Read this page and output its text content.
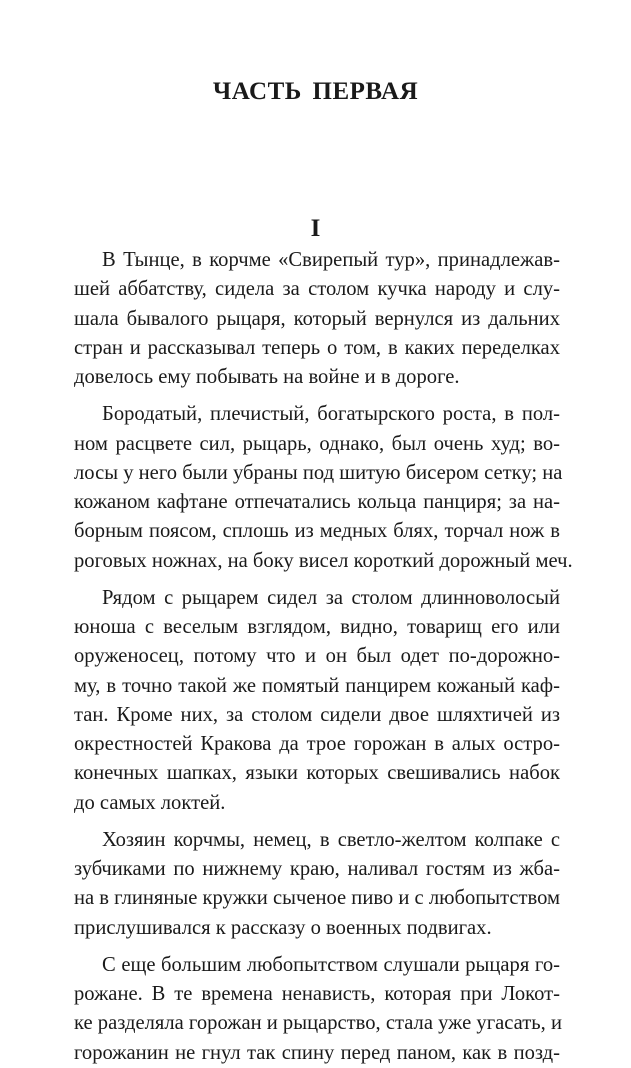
ЧАСТЬ ПЕРВАЯ
I
В Тынце, в корчме «Свирепый тур», принадлежав-
шей аббатству, сидела за столом кучка народу и слу-
шала бывалого рыцаря, который вернулся из дальних
стран и рассказывал теперь о том, в каких переделках
довелось ему побывать на войне и в дороге.
Бородатый, плечистый, богатырского роста, в пол-
ном расцвете сил, рыцарь, однако, был очень худ; во-
лосы у него были убраны под шитую бисером сетку; на
кожаном кафтане отпечатались кольца панциря; за на-
борным поясом, сплошь из медных блях, торчал нож в
роговых ножнах, на боку висел короткий дорожный меч.
Рядом с рыцарем сидел за столом длинноволосый
юноша с веселым взглядом, видно, товарищ его или
оруженосец, потому что и он был одет по-дорожно-
му, в точно такой же помятый панцирем кожаный каф-
тан. Кроме них, за столом сидели двое шляхтичей из
окрестностей Кракова да трое горожан в алых остро-
конечных шапках, языки которых свешивались набок
до самых локтей.
Хозяин корчмы, немец, в светло-желтом колпаке с
зубчиками по нижнему краю, наливал гостям из жба-
на в глиняные кружки сыченое пиво и с любопытством
прислушивался к рассказу о военных подвигах.
С еще большим любопытством слушали рыцаря го-
рожане. В те времена ненависть, которая при Локот-
ке разделяла горожан и рыцарство, стала уже угасать, и
горожанин не гнул так спину перед паном, как в позд-
